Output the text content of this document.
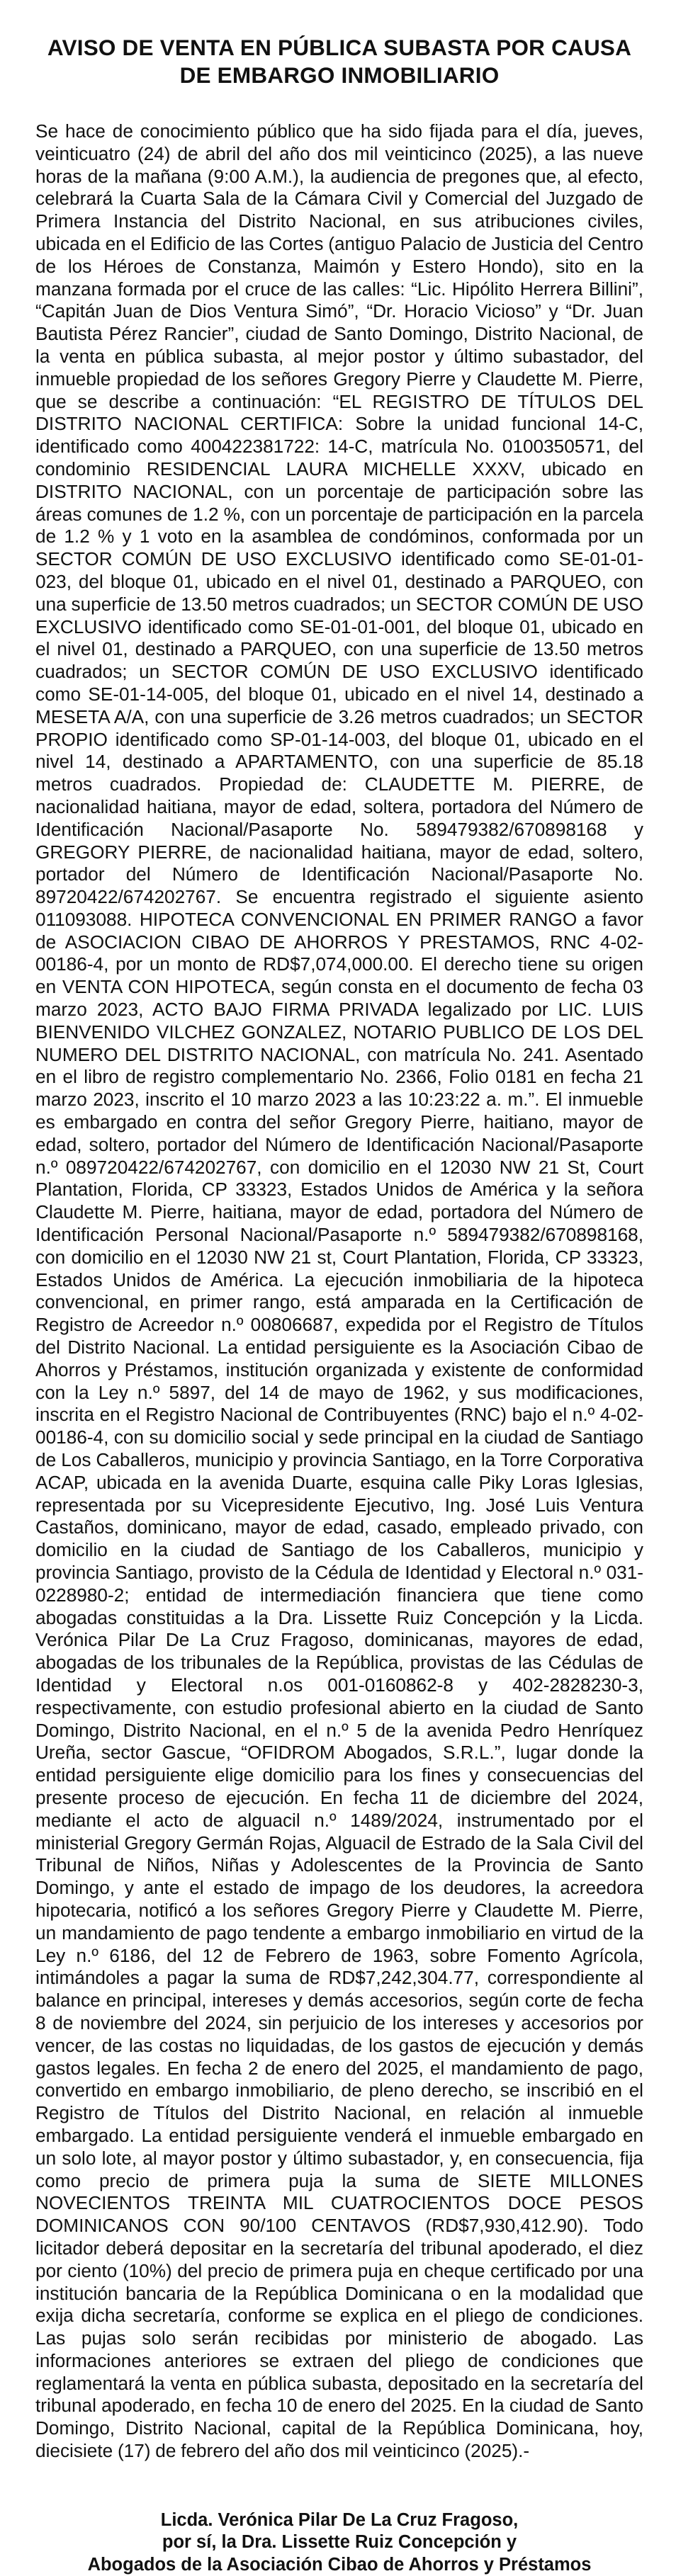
AVISO DE VENTA EN PÚBLICA SUBASTA POR CAUSA DE EMBARGO INMOBILIARIO

Se hace de conocimiento público que ha sido fijada para el día, jueves, veinticuatro (24) de abril del año dos mil veinticinco (2025), a las nueve horas de la mañana (9:00 A.M.), la audiencia de pregones que, al efecto, celebrará la Cuarta Sala de la Cámara Civil y Comercial del Juzgado de Primera Instancia del Distrito Nacional, en sus atribuciones civiles, ubicada en el Edificio de las Cortes (antiguo Palacio de Justicia del Centro de los Héroes de Constanza, Maimón y Estero Hondo), sito en la manzana formada por el cruce de las calles: “Lic. Hipólito Herrera Billini”, “Capitán Juan de Dios Ventura Simó”, “Dr. Horacio Vicioso” y “Dr. Juan Bautista Pérez Rancier”, ciudad de Santo Domingo, Distrito Nacional, de la venta en pública subasta, al mejor postor y último subastador, del inmueble propiedad de los señores Gregory Pierre y Claudette M. Pierre, que se describe a continuación: “EL REGISTRO DE TÍTULOS DEL DISTRITO NACIONAL CERTIFICA: Sobre la unidad funcional 14-C, identificado como 400422381722: 14-C, matrícula No. 0100350571, del condominio RESIDENCIAL LAURA MICHELLE XXXV, ubicado en DISTRITO NACIONAL, con un porcentaje de participación sobre las áreas comunes de 1.2 %, con un porcentaje de participación en la parcela de 1.2 % y 1 voto en la asamblea de condóminos, conformada por un SECTOR COMÚN DE USO EXCLUSIVO identificado como SE-01-01-023, del bloque 01, ubicado en el nivel 01, destinado a PARQUEO, con una superficie de 13.50 metros cuadrados; un SECTOR COMÚN DE USO EXCLUSIVO identificado como SE-01-01-001, del bloque 01, ubicado en el nivel 01, destinado a PARQUEO, con una superficie de 13.50 metros cuadrados; un SECTOR COMÚN DE USO EXCLUSIVO identificado como SE-01-14-005, del bloque 01, ubicado en el nivel 14, destinado a MESETA A/A, con una superficie de 3.26 metros cuadrados; un SECTOR PROPIO identificado como SP-01-14-003, del bloque 01, ubicado en el nivel 14, destinado a APARTAMENTO, con una superficie de 85.18 metros cuadrados. Propiedad de: CLAUDETTE M. PIERRE, de nacionalidad haitiana, mayor de edad, soltera, portadora del Número de Identificación Nacional/Pasaporte No. 589479382/670898168 y GREGORY PIERRE, de nacionalidad haitiana, mayor de edad, soltero, portador del Número de Identificación Nacional/Pasaporte No. 89720422/674202767. Se encuentra registrado el siguiente asiento 011093088. HIPOTECA CONVENCIONAL EN PRIMER RANGO a favor de ASOCIACION CIBAO DE AHORROS Y PRESTAMOS, RNC 4-02-00186-4, por un monto de RD$7,074,000.00. El derecho tiene su origen en VENTA CON HIPOTECA, según consta en el documento de fecha 03 marzo 2023, ACTO BAJO FIRMA PRIVADA legalizado por LIC. LUIS BIENVENIDO VILCHEZ GONZALEZ, NOTARIO PUBLICO DE LOS DEL NUMERO DEL DISTRITO NACIONAL, con matrícula No. 241. Asentado en el libro de registro complementario No. 2366, Folio 0181 en fecha 21 marzo 2023, inscrito el 10 marzo 2023 a las 10:23:22 a. m.”. El inmueble es embargado en contra del señor Gregory Pierre, haitiano, mayor de edad, soltero, portador del Número de Identificación Nacional/Pasaporte n.º 089720422/674202767, con domicilio en el 12030 NW 21 St, Court Plantation, Florida, CP 33323, Estados Unidos de América y la señora Claudette M. Pierre, haitiana, mayor de edad, portadora del Número de Identificación Personal Nacional/Pasaporte n.º 589479382/670898168, con domicilio en el 12030 NW 21 st, Court Plantation, Florida, CP 33323, Estados Unidos de América. La ejecución inmobiliaria de la hipoteca convencional, en primer rango, está amparada en la Certificación de Registro de Acreedor n.º 00806687, expedida por el Registro de Títulos del Distrito Nacional. La entidad persiguiente es la Asociación Cibao de Ahorros y Préstamos, institución organizada y existente de conformidad con la Ley n.º 5897, del 14 de mayo de 1962, y sus modificaciones, inscrita en el Registro Nacional de Contribuyentes (RNC) bajo el n.º 4-02-00186-4, con su domicilio social y sede principal en la ciudad de Santiago de Los Caballeros, municipio y provincia Santiago, en la Torre Corporativa ACAP, ubicada en la avenida Duarte, esquina calle Piky Loras Iglesias, representada por su Vicepresidente Ejecutivo, Ing. José Luis Ventura Castaños, dominicano, mayor de edad, casado, empleado privado, con domicilio en la ciudad de Santiago de los Caballeros, municipio y provincia Santiago, provisto de la Cédula de Identidad y Electoral n.º 031-0228980-2; entidad de intermediación financiera que tiene como abogadas constituidas a la Dra. Lissette Ruiz Concepción y la Licda. Verónica Pilar De La Cruz Fragoso, dominicanas, mayores de edad, abogadas de los tribunales de la República, provistas de las Cédulas de Identidad y Electoral n.os 001-0160862-8 y 402-2828230-3, respectivamente, con estudio profesional abierto en la ciudad de Santo Domingo, Distrito Nacional, en el n.º 5 de la avenida Pedro Henríquez Ureña, sector Gascue, “OFIDROM Abogados, S.R.L.”, lugar donde la entidad persiguiente elige domicilio para los fines y consecuencias del presente proceso de ejecución. En fecha 11 de diciembre del 2024, mediante el acto de alguacil n.º 1489/2024, instrumentado por el ministerial Gregory Germán Rojas, Alguacil de Estrado de la Sala Civil del Tribunal de Niños, Niñas y Adolescentes de la Provincia de Santo Domingo, y ante el estado de impago de los deudores, la acreedora hipotecaria, notificó a los señores Gregory Pierre y Claudette M. Pierre, un mandamiento de pago tendente a embargo inmobiliario en virtud de la Ley n.º 6186, del 12 de Febrero de 1963, sobre Fomento Agrícola, intimándoles a pagar la suma de RD$7,242,304.77, correspondiente al balance en principal, intereses y demás accesorios, según corte de fecha 8 de noviembre del 2024, sin perjuicio de los intereses y accesorios por vencer, de las costas no liquidadas, de los gastos de ejecución y demás gastos legales. En fecha 2 de enero del 2025, el mandamiento de pago, convertido en embargo inmobiliario, de pleno derecho, se inscribió en el Registro de Títulos del Distrito Nacional, en relación al inmueble embargado. La entidad persiguiente venderá el inmueble embargado en un solo lote, al mayor postor y último subastador, y, en consecuencia, fija como precio de primera puja la suma de SIETE MILLONES NOVECIENTOS TREINTA MIL CUATROCIENTOS DOCE PESOS DOMINICANOS CON 90/100 CENTAVOS (RD$7,930,412.90). Todo licitador deberá depositar en la secretaría del tribunal apoderado, el diez por ciento (10%) del precio de primera puja en cheque certificado por una institución bancaria de la República Dominicana o en la modalidad que exija dicha secretaría, conforme se explica en el pliego de condiciones. Las pujas solo serán recibidas por ministerio de abogado. Las informaciones anteriores se extraen del pliego de condiciones que reglamentará la venta en pública subasta, depositado en la secretaría del tribunal apoderado, en fecha 10 de enero del 2025. En la ciudad de Santo Domingo, Distrito Nacional, capital de la República Dominicana, hoy, diecisiete (17) de febrero del año dos mil veinticinco (2025).-

Licda. Verónica Pilar De La Cruz Fragoso,
por sí, la Dra. Lissette Ruiz Concepción y
Abogados de la Asociación Cibao de Ahorros y Préstamos
